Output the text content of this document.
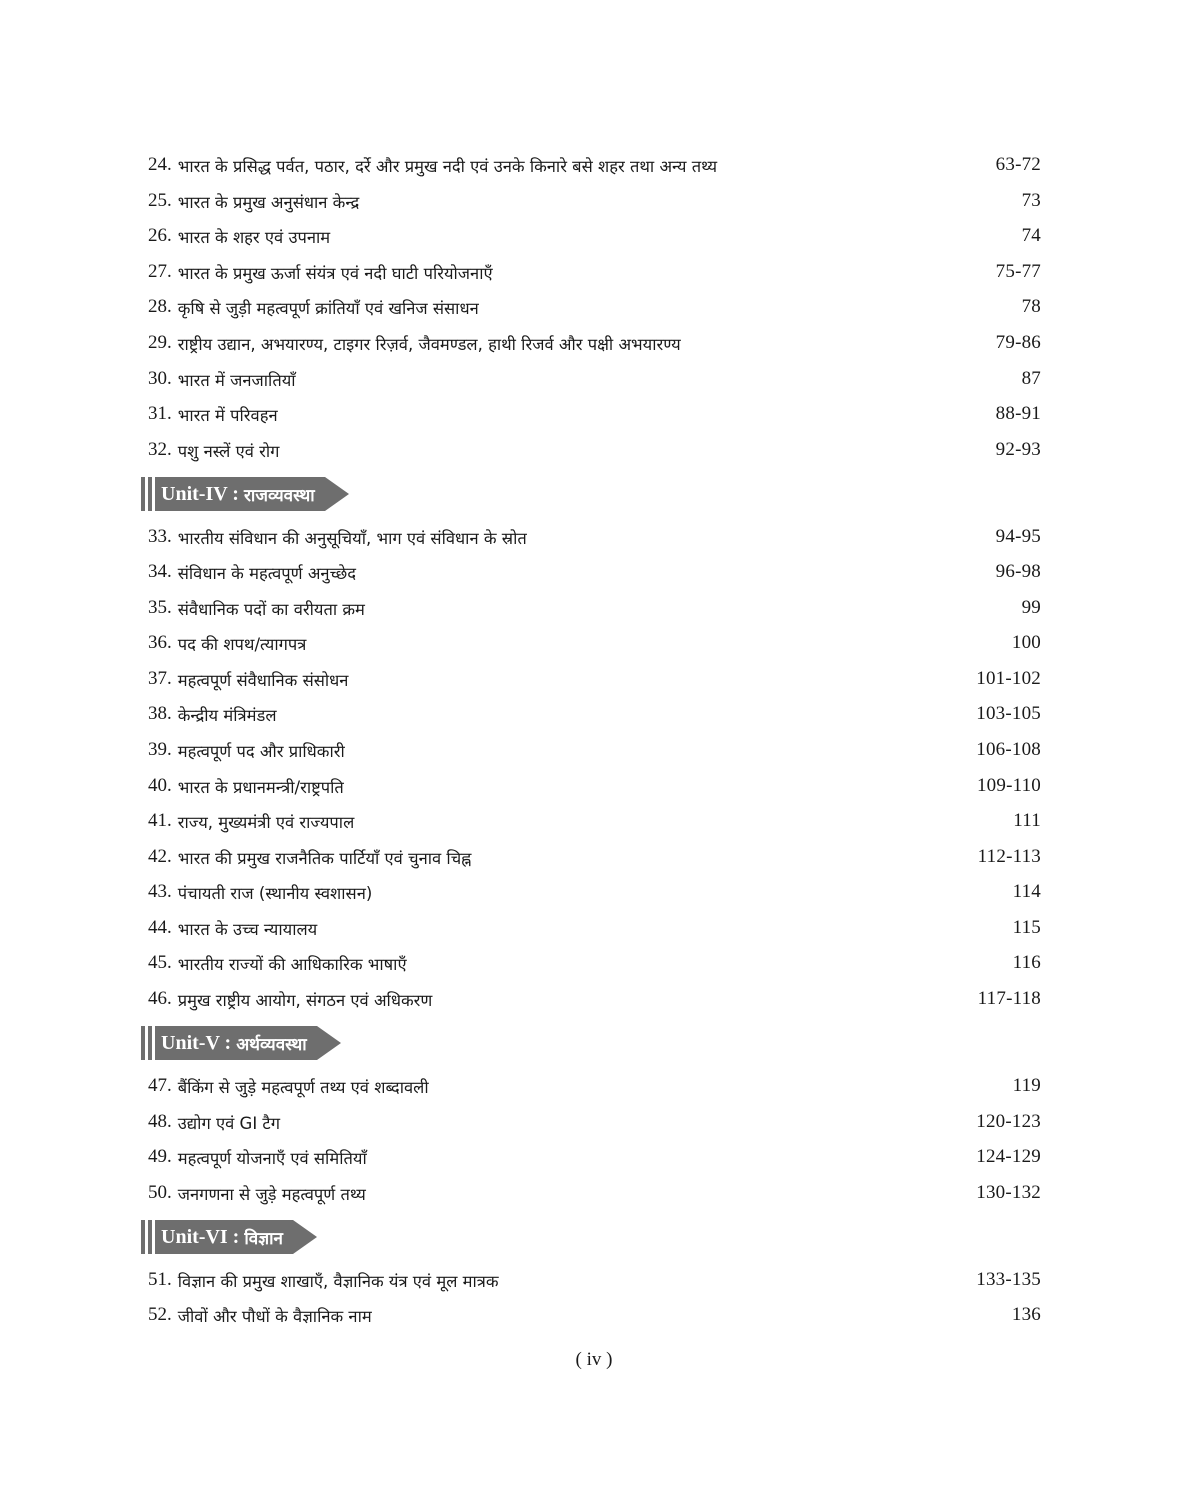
24. भारत के प्रसिद्ध पर्वत, पठार, दर्रे और प्रमुख नदी एवं उनके किनारे बसे शहर तथा अन्य तथ्य	63-72
25. भारत के प्रमुख अनुसंधान केन्द्र	73
26. भारत के शहर एवं उपनाम	74
27. भारत के प्रमुख ऊर्जा संयंत्र एवं नदी घाटी परियोजनाएँ	75-77
28. कृषि से जुड़ी महत्वपूर्ण क्रांतियाँ एवं खनिज संसाधन	78
29. राष्ट्रीय उद्यान, अभयारण्य, टाइगर रिज़र्व, जैवमण्डल, हाथी रिजर्व और पक्षी अभयारण्य	79-86
30. भारत में जनजातियाँ	87
31. भारत में परिवहन	88-91
32. पशु नस्लें एवं रोग	92-93
Unit-IV :
राजव्यवस्था
33. भारतीय संविधान की अनुसूचियाँ, भाग एवं संविधान के स्रोत	94-95
34. संविधान के महत्वपूर्ण अनुच्छेद	96-98
35. संवैधानिक पदों का वरीयता क्रम	99
36. पद की शपथ/त्यागपत्र	100
37. महत्वपूर्ण संवैधानिक संसोधन	101-102
38. केन्द्रीय मंत्रिमंडल	103-105
39. महत्वपूर्ण पद और प्राधिकारी	106-108
40. भारत के प्रधानमन्त्री/राष्ट्रपति	109-110
41. राज्य, मुख्यमंत्री एवं राज्यपाल	111
42. भारत की प्रमुख राजनैतिक पार्टियाँ एवं चुनाव चिह्न	112-113
43. पंचायती राज (स्थानीय स्वशासन)	114
44. भारत के उच्च न्यायालय	115
45. भारतीय राज्यों की आधिकारिक भाषाएँ	116
46. प्रमुख राष्ट्रीय आयोग, संगठन एवं अधिकरण	117-118
Unit-V :
अर्थव्यवस्था
47. बैंकिंग से जुड़े महत्वपूर्ण तथ्य एवं शब्दावली	119
48. उद्योग एवं GI टैग	120-123
49. महत्वपूर्ण योजनाएँ एवं समितियाँ	124-129
50. जनगणना से जुड़े महत्वपूर्ण तथ्य	130-132
Unit-VI :
विज्ञान
51. विज्ञान की प्रमुख शाखाएँ, वैज्ञानिक यंत्र एवं मूल मात्रक	133-135
52. जीवों और पौधों के वैज्ञानिक नाम	136
( iv )
